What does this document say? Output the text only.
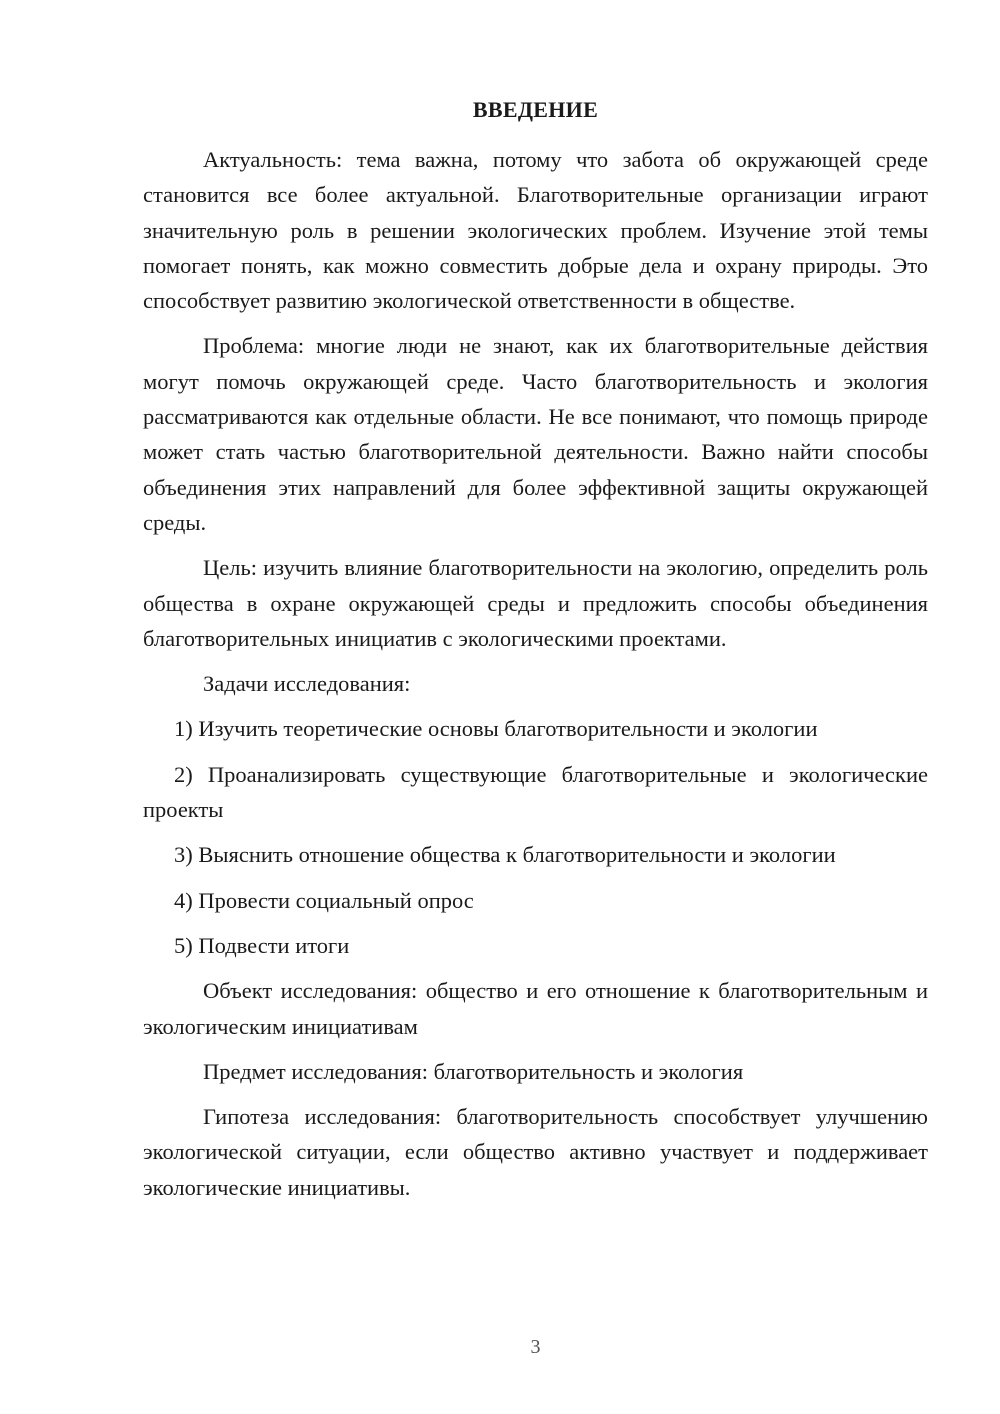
ВВЕДЕНИЕ

Актуальность: тема важна, потому что забота об окружающей среде становится все более актуальной. Благотворительные организации играют значительную роль в решении экологических проблем. Изучение этой темы помогает понять, как можно совместить добрые дела и охрану природы. Это способствует развитию экологической ответственности в обществе.

Проблема: многие люди не знают, как их благотворительные действия могут помочь окружающей среде. Часто благотворительность и экология рассматриваются как отдельные области. Не все понимают, что помощь природе может стать частью благотворительной деятельности. Важно найти способы объединения этих направлений для более эффективной защиты окружающей среды.

Цель: изучить влияние благотворительности на экологию, определить роль общества в охране окружающей среды и предложить способы объединения благотворительных инициатив с экологическими проектами.

Задачи исследования:

1) Изучить теоретические основы благотворительности и экологии

2) Проанализировать существующие благотворительные и экологические проекты

3) Выяснить отношение общества к благотворительности и экологии

4) Провести социальный опрос

5) Подвести итоги

Объект исследования: общество и его отношение к благотворительным и экологическим инициативам

Предмет исследования: благотворительность и экология

Гипотеза исследования: благотворительность способствует улучшению экологической ситуации, если общество активно участвует и поддерживает экологические инициативы.

3
